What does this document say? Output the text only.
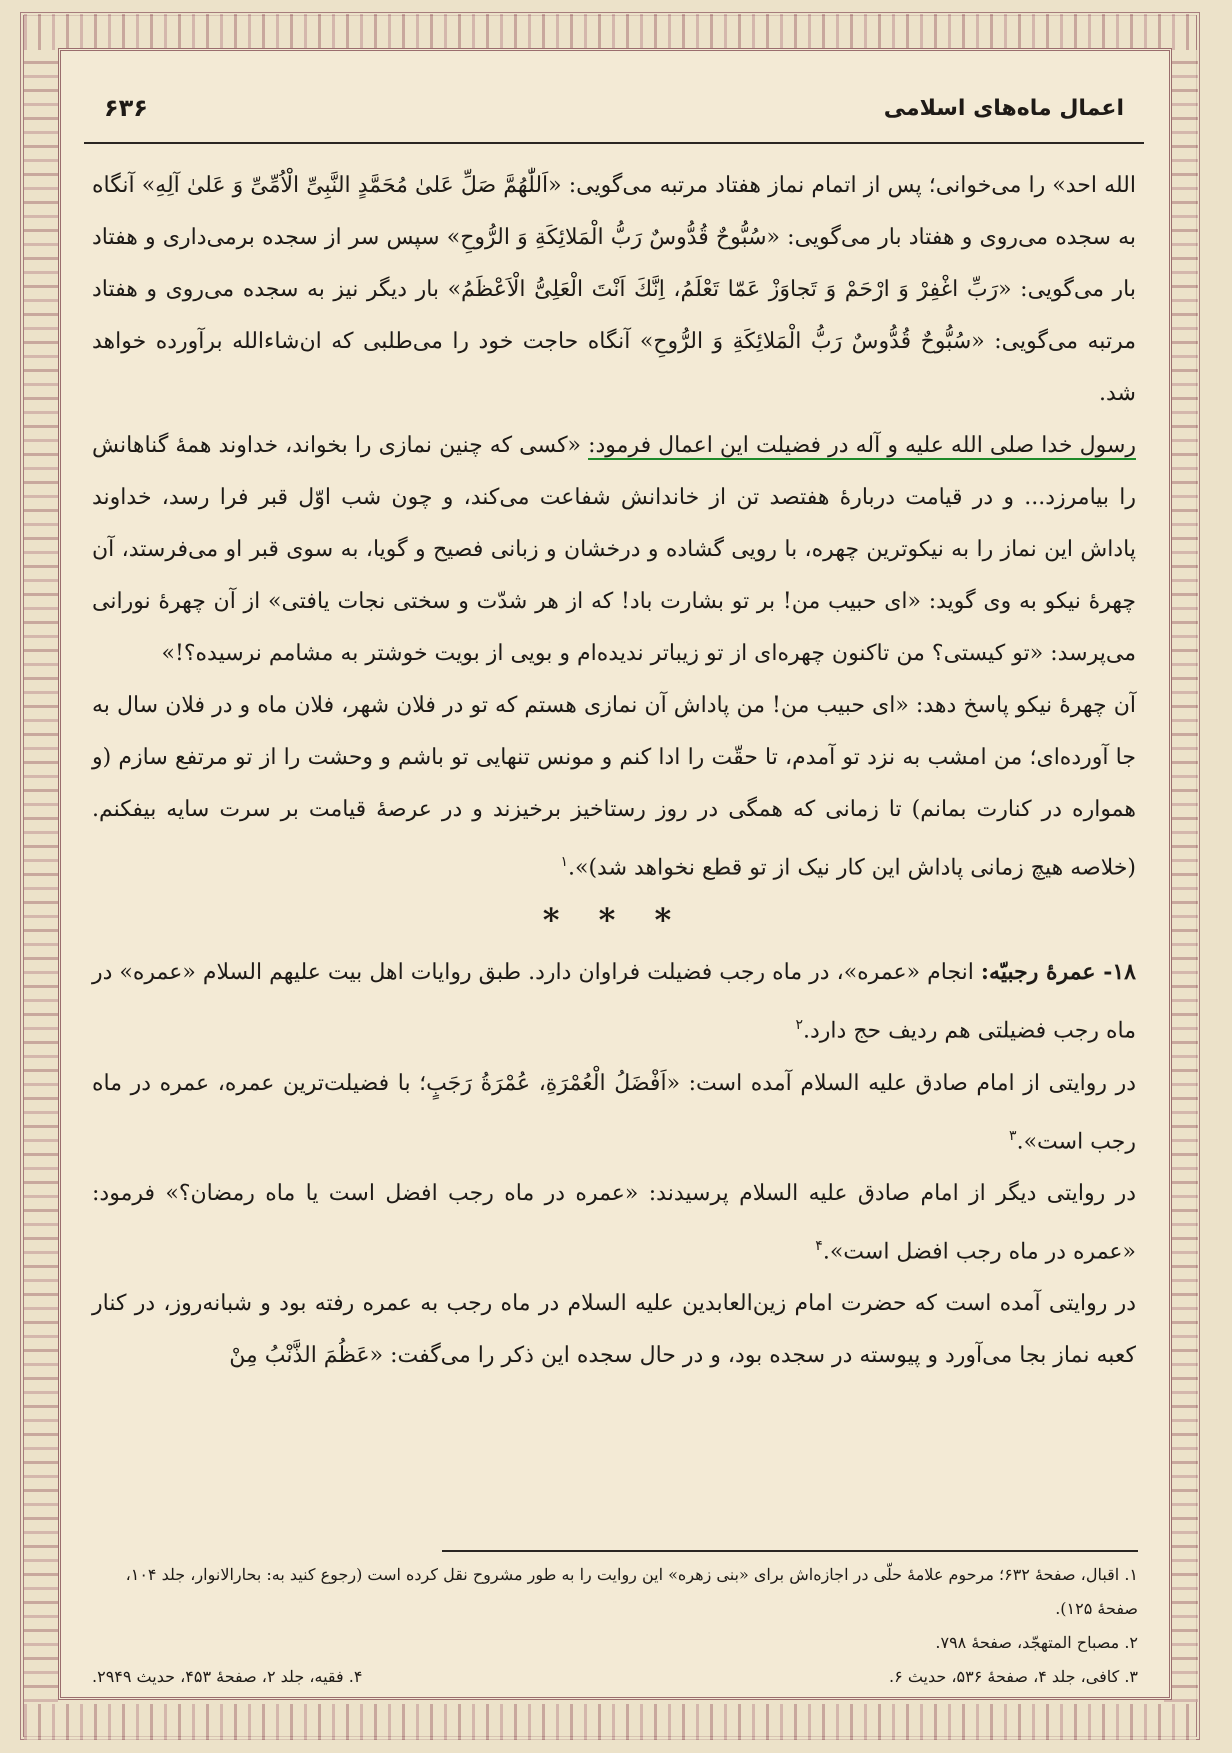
اعمال ماه‌های اسلامی
۶۳۶

الله احد» را می‌خوانی؛ پس از اتمام نماز هفتاد مرتبه می‌گویی: «اَللّٰهُمَّ صَلِّ عَلیٰ مُحَمَّدٍ النَّبِیِّ الْاُمِّیِّ وَ عَلیٰ آلِهِ» آنگاه به سجده می‌روی و هفتاد بار می‌گویی: «سُبُّوحٌ قُدُّوسٌ رَبُّ الْمَلائِکَةِ وَ الرُّوحِ» سپس سر از سجده برمی‌داری و هفتاد بار می‌گویی: «رَبِّ اغْفِرْ وَ ارْحَمْ وَ تَجاوَزْ عَمّا تَعْلَمُ، اِنَّكَ اَنْتَ الْعَلِیُّ الْاَعْظَمُ» بار دیگر نیز به سجده می‌روی و هفتاد مرتبه می‌گویی: «سُبُّوحٌ قُدُّوسٌ رَبُّ الْمَلائِکَةِ وَ الرُّوحِ» آنگاه حاجت خود را می‌طلبی که ان‌شاءالله برآورده خواهد شد.

رسول خدا صلی الله علیه و آله در فضیلت این اعمال فرمود: «کسی که چنین نمازی را بخواند، خداوند همهٔ گناهانش را بیامرزد... و در قیامت دربارهٔ هفتصد تن از خاندانش شفاعت می‌کند، و چون شب اوّل قبر فرا رسد، خداوند پاداش این نماز را به نیکوترین چهره، با رویی گشاده و درخشان و زبانی فصیح و گویا، به سوی قبر او می‌فرستد، آن چهرهٔ نیکو به وی گوید: «ای حبیب من! بر تو بشارت باد! که از هر شدّت و سختی نجات یافتی» از آن چهرهٔ نورانی می‌پرسد: «تو کیستی؟ من تاکنون چهره‌ای از تو زیباتر ندیده‌ام و بویی از بویت خوشتر به مشامم نرسیده؟!»

آن چهرهٔ نیکو پاسخ دهد: «ای حبیب من! من پاداش آن نمازی هستم که تو در فلان شهر، فلان ماه و در فلان سال به جا آورده‌ای؛ من امشب به نزد تو آمدم، تا حقّت را ادا کنم و مونس تنهایی تو باشم و وحشت را از تو مرتفع سازم (و همواره در کنارت بمانم) تا زمانی که همگی در روز رستاخیز برخیزند و در عرصهٔ قیامت بر سرت سایه بیفکنم. (خلاصه هیچ زمانی پاداش این کار نیک از تو قطع نخواهد شد)».$^۱$

* * *

۱۸- عمرهٔ رجبیّه: انجام «عمره»، در ماه رجب فضیلت فراوان دارد. طبق روایات اهل بیت علیهم السلام «عمره» در ماه رجب فضیلتی هم ردیف حج دارد.$^۲$

در روایتی از امام صادق علیه السلام آمده است: «اَفْضَلُ الْعُمْرَةِ، عُمْرَةُ رَجَبٍ؛ با فضیلت‌ترین عمره، عمره در ماه رجب است».$^۳$

در روایتی دیگر از امام صادق علیه السلام پرسیدند: «عمره در ماه رجب افضل است یا ماه رمضان؟» فرمود: «عمره در ماه رجب افضل است».$^۴$

در روایتی آمده است که حضرت امام زین‌العابدین علیه السلام در ماه رجب به عمره رفته بود و شبانه‌روز، در کنار کعبه نماز بجا می‌آورد و پیوسته در سجده بود، و در حال سجده این ذکر را می‌گفت: «عَظُمَ الذَّنْبُ مِنْ

۱. اقبال، صفحهٔ ۶۳۲؛ مرحوم علامهٔ حلّی در اجازه‌اش برای «بنی زهره» این روایت را به طور مشروح نقل کرده است (رجوع کنید به: بحارالانوار، جلد ۱۰۴، صفحهٔ ۱۲۵).
۲. مصباح المتهجّد، صفحهٔ ۷۹۸.
۳. کافی، جلد ۴، صفحهٔ ۵۳۶، حدیث ۶.
۴. فقیه، جلد ۲، صفحهٔ ۴۵۳، حدیث ۲۹۴۹.
